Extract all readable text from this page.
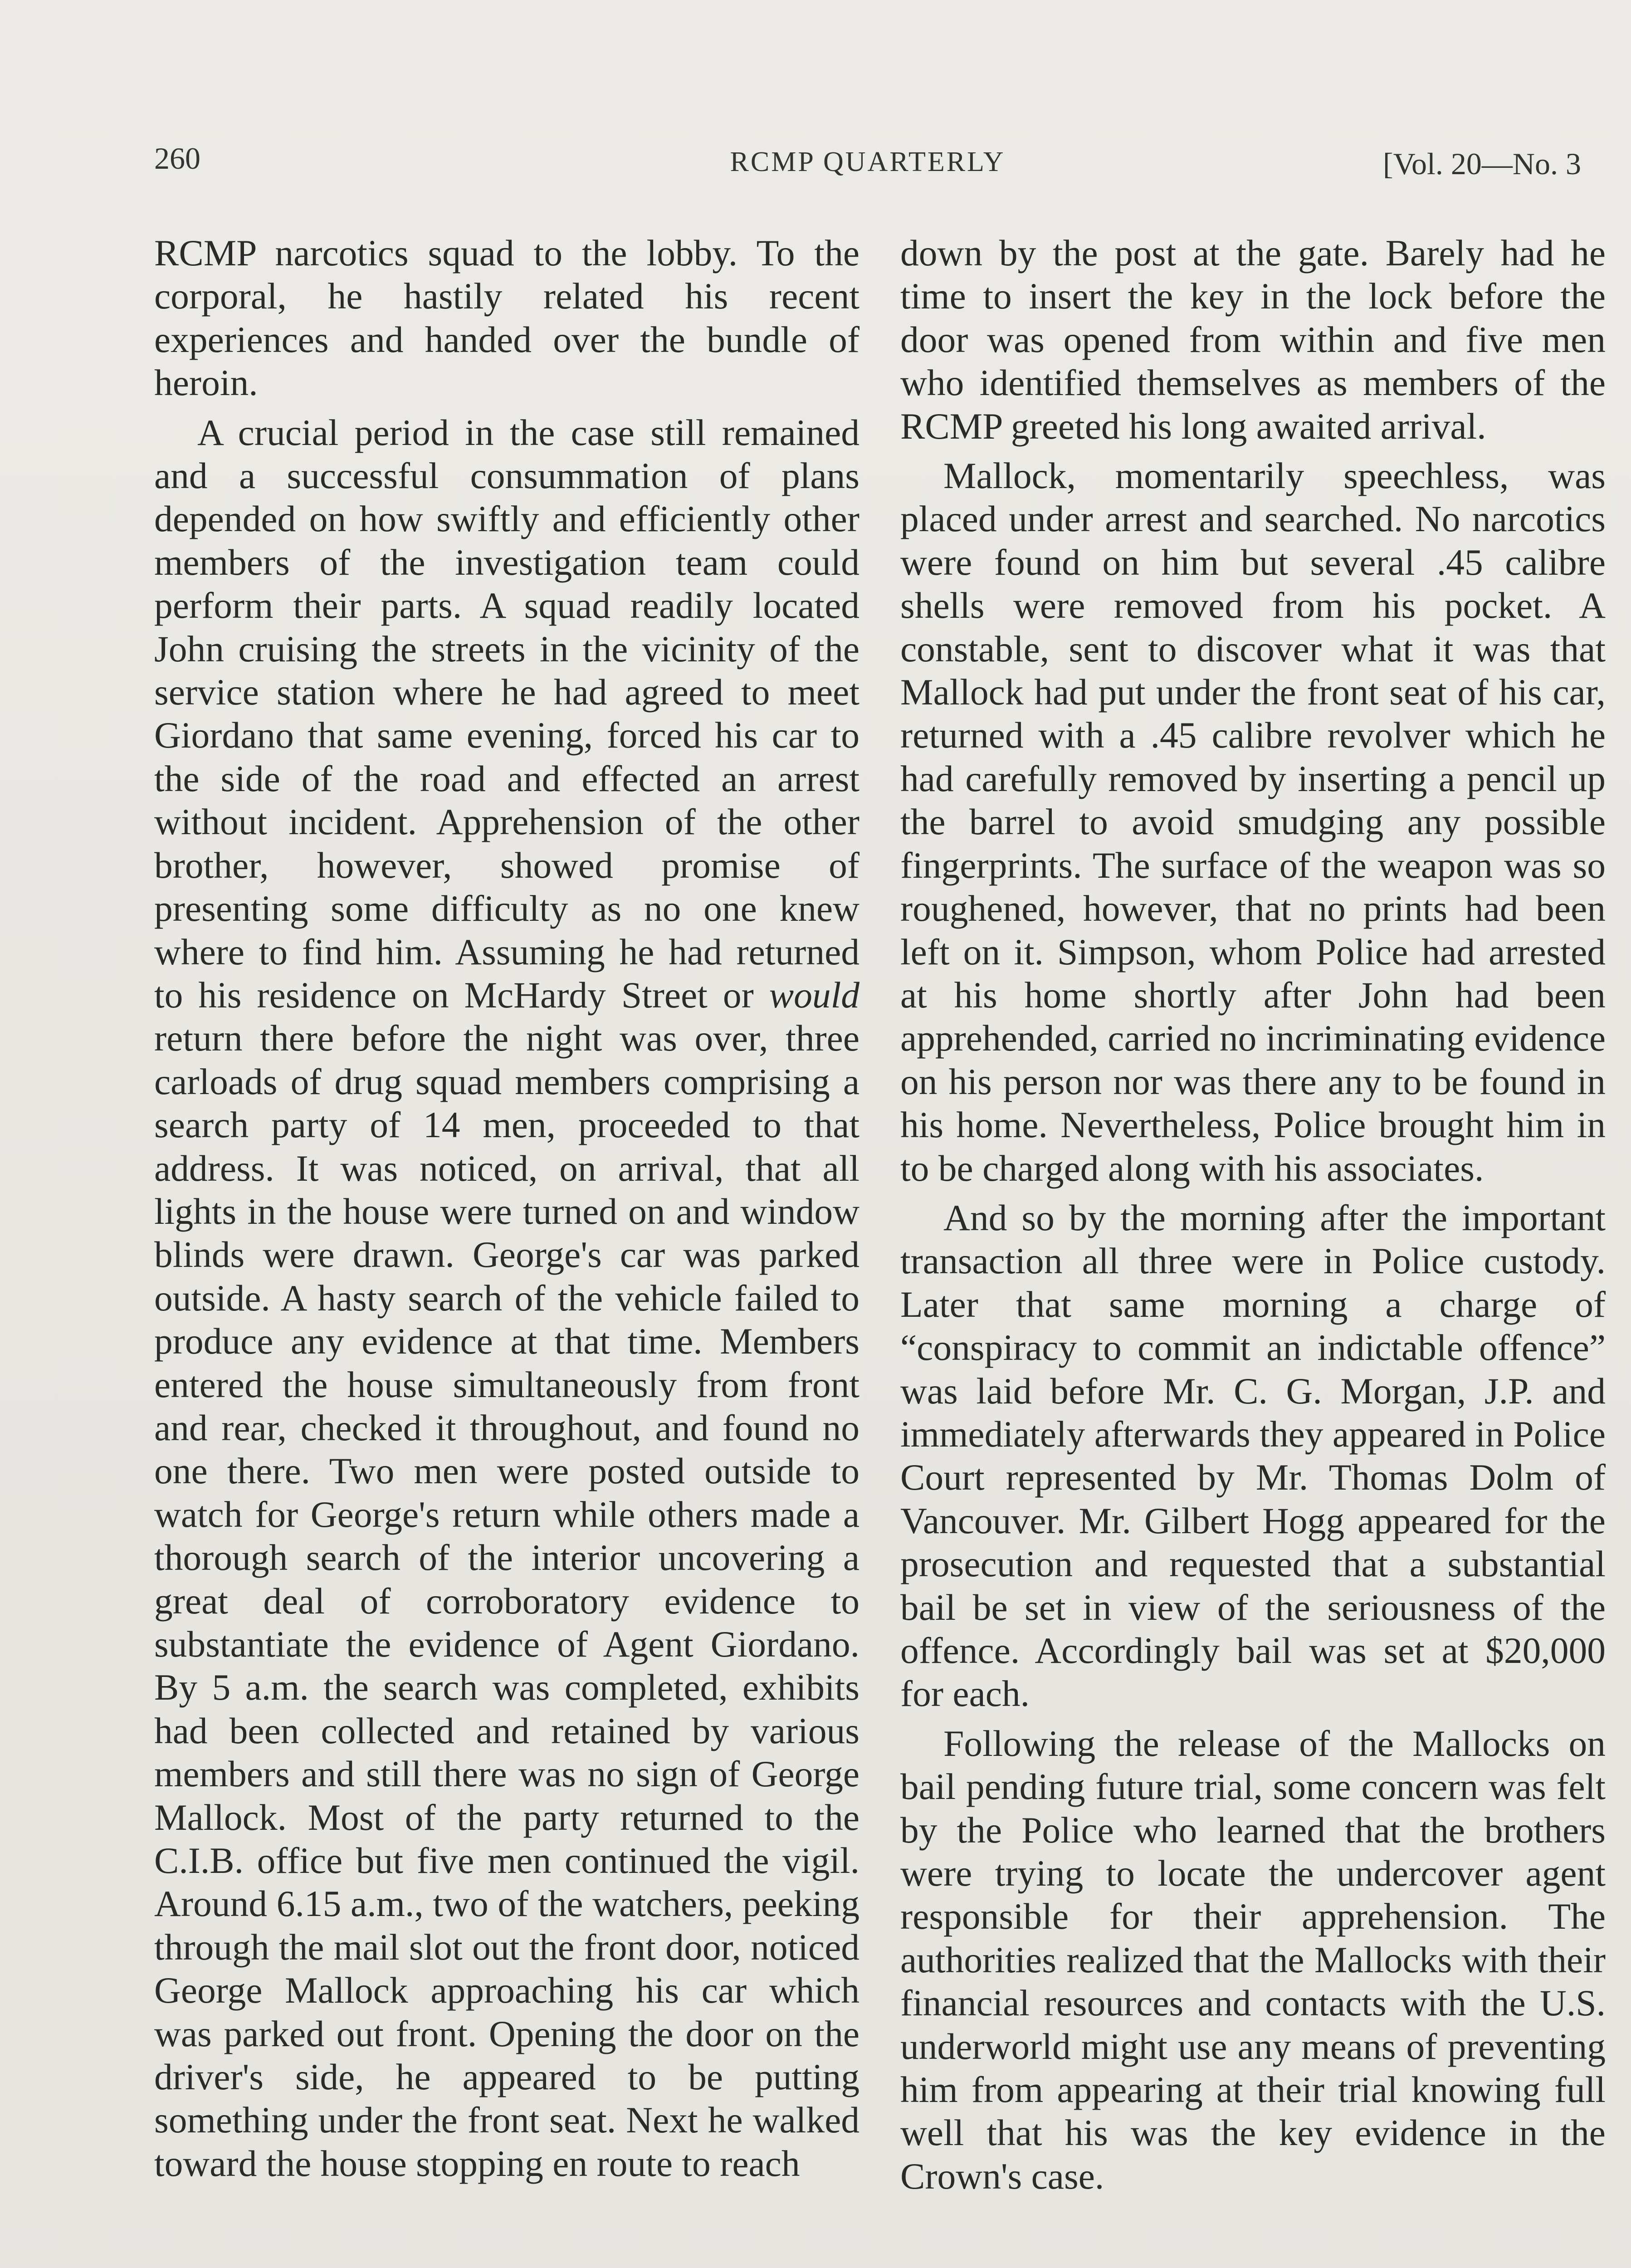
260	RCMP QUARTERLY	[Vol. 20—No. 3

RCMP narcotics squad to the lobby. To the corporal, he hastily related his recent experiences and handed over the bundle of heroin.

A crucial period in the case still remained and a successful consummation of plans depended on how swiftly and efficiently other members of the investigation team could perform their parts. A squad readily located John cruising the streets in the vicinity of the service station where he had agreed to meet Giordano that same evening, forced his car to the side of the road and effected an arrest without incident. Apprehension of the other brother, however, showed promise of presenting some difficulty as no one knew where to find him. Assuming he had returned to his residence on McHardy Street or would return there before the night was over, three carloads of drug squad members comprising a search party of 14 men, proceeded to that address. It was noticed, on arrival, that all lights in the house were turned on and window blinds were drawn. George's car was parked outside. A hasty search of the vehicle failed to produce any evidence at that time. Members entered the house simultaneously from front and rear, checked it throughout, and found no one there. Two men were posted outside to watch for George's return while others made a thorough search of the interior uncovering a great deal of corroboratory evidence to substantiate the evidence of Agent Giordano. By 5 a.m. the search was completed, exhibits had been collected and retained by various members and still there was no sign of George Mallock. Most of the party returned to the C.I.B. office but five men continued the vigil. Around 6.15 a.m., two of the watchers, peeking through the mail slot out the front door, noticed George Mallock approaching his car which was parked out front. Opening the door on the driver's side, he appeared to be putting something under the front seat. Next he walked toward the house stopping en route to reach

down by the post at the gate. Barely had he time to insert the key in the lock before the door was opened from within and five men who identified themselves as members of the RCMP greeted his long awaited arrival.

Mallock, momentarily speechless, was placed under arrest and searched. No narcotics were found on him but several .45 calibre shells were removed from his pocket. A constable, sent to discover what it was that Mallock had put under the front seat of his car, returned with a .45 calibre revolver which he had carefully removed by inserting a pencil up the barrel to avoid smudging any possible fingerprints. The surface of the weapon was so roughened, however, that no prints had been left on it. Simpson, whom Police had arrested at his home shortly after John had been apprehended, carried no incriminating evidence on his person nor was there any to be found in his home. Nevertheless, Police brought him in to be charged along with his associates.

And so by the morning after the important transaction all three were in Police custody. Later that same morning a charge of “conspiracy to commit an indictable offence” was laid before Mr. C. G. Morgan, J.P. and immediately afterwards they appeared in Police Court represented by Mr. Thomas Dolm of Vancouver. Mr. Gilbert Hogg appeared for the prosecution and requested that a substantial bail be set in view of the seriousness of the offence. Accordingly bail was set at $20,000 for each.

Following the release of the Mallocks on bail pending future trial, some concern was felt by the Police who learned that the brothers were trying to locate the undercover agent responsible for their apprehension. The authorities realized that the Mallocks with their financial resources and contacts with the U.S. underworld might use any means of preventing him from appearing at their trial knowing full well that his was the key evidence in the Crown's case.
